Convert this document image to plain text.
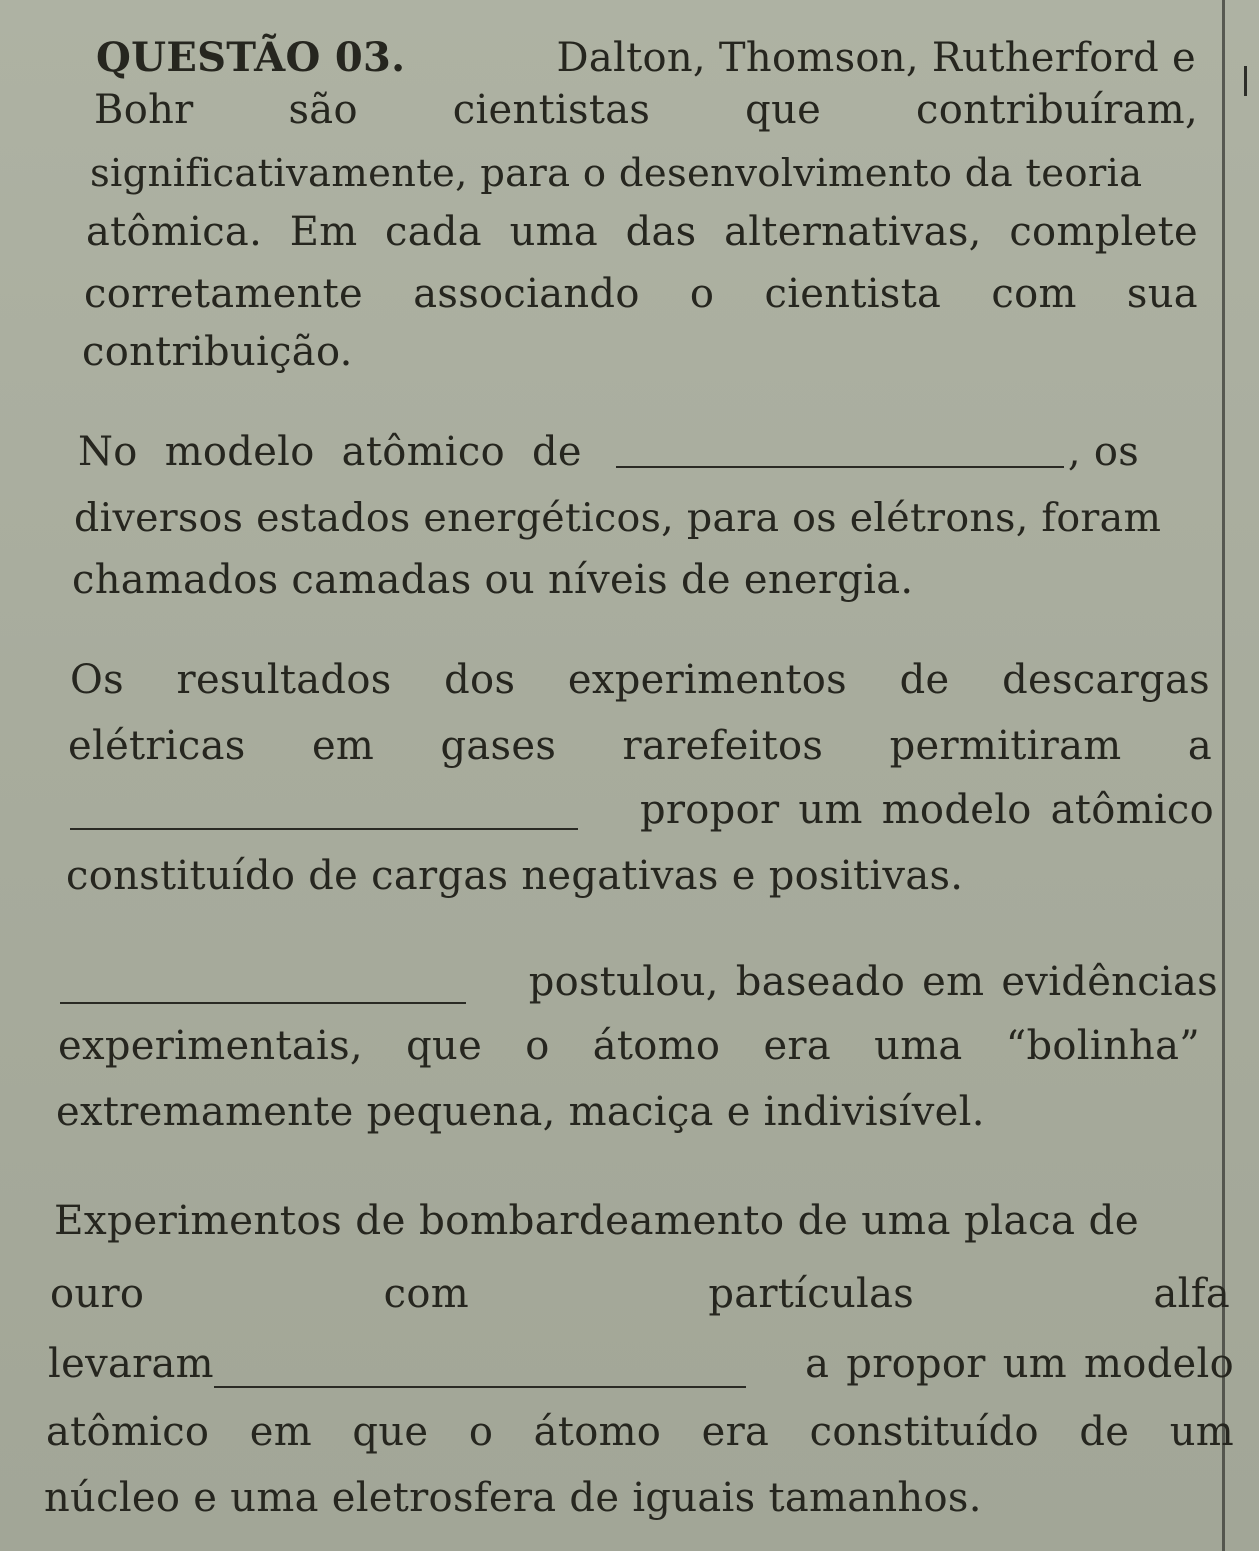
QUESTÃO 03.	Dalton, Thomson, Rutherford e
Bohr são cientistas que contribuíram,
significativamente, para o desenvolvimento da teoria
atômica. Em cada uma das alternativas, complete
corretamente associando o cientista com sua
contribuição.
No modelo atômico de	, os
diversos estados energéticos, para os elétrons, foram
chamados camadas ou níveis de energia.
Os resultados dos experimentos de descargas
elétricas em gases rarefeitos permitiram a
propor um modelo atômico
constituído de cargas negativas e positivas.
postulou, baseado em evidências
experimentais, que o átomo era uma “bolinha”
extremamente pequena, maciça e indivisível.
Experimentos de bombardeamento de uma placa de
ouro	com	partículas	alfa
levaram	a propor um modelo
atômico em que o átomo era constituído de um
núcleo e uma eletrosfera de iguais tamanhos.
